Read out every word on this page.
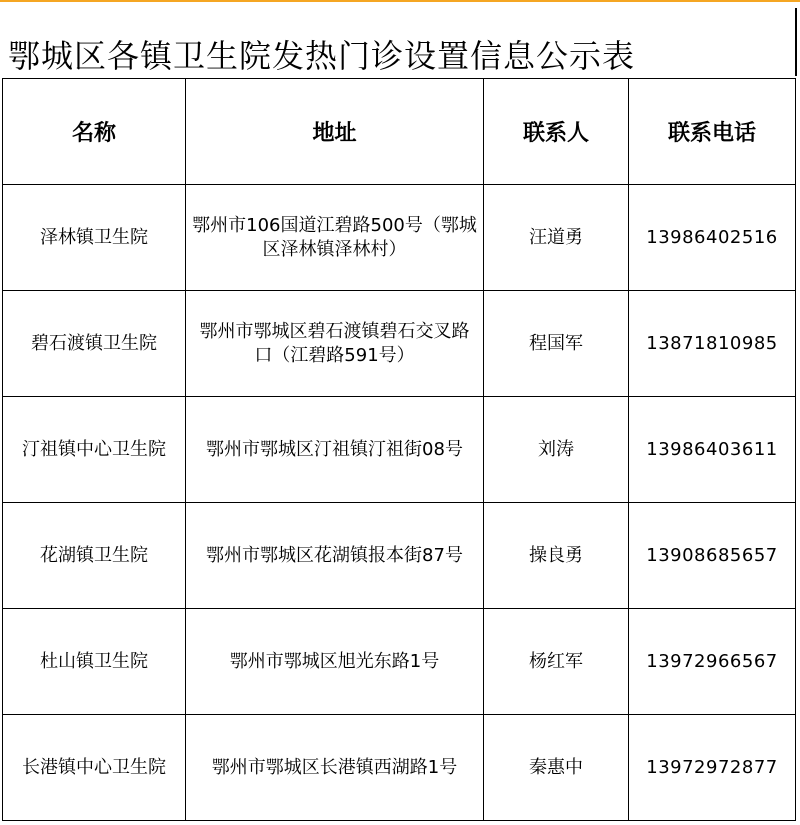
鄂城区各镇卫生院发热门诊设置信息公示表
名称	地址	联系人	联系电话
泽林镇卫生院	鄂州市106国道江碧路500号（鄂城区泽林镇泽林村）	汪道勇	13986402516
碧石渡镇卫生院	鄂州市鄂城区碧石渡镇碧石交叉路口（江碧路591号）	程国军	13871810985
汀祖镇中心卫生院	鄂州市鄂城区汀祖镇汀祖街08号	刘涛	13986403611
花湖镇卫生院	鄂州市鄂城区花湖镇报本街87号	操良勇	13908685657
杜山镇卫生院	鄂州市鄂城区旭光东路1号	杨红军	13972966567
长港镇中心卫生院	鄂州市鄂城区长港镇西湖路1号	秦惠中	13972972877
